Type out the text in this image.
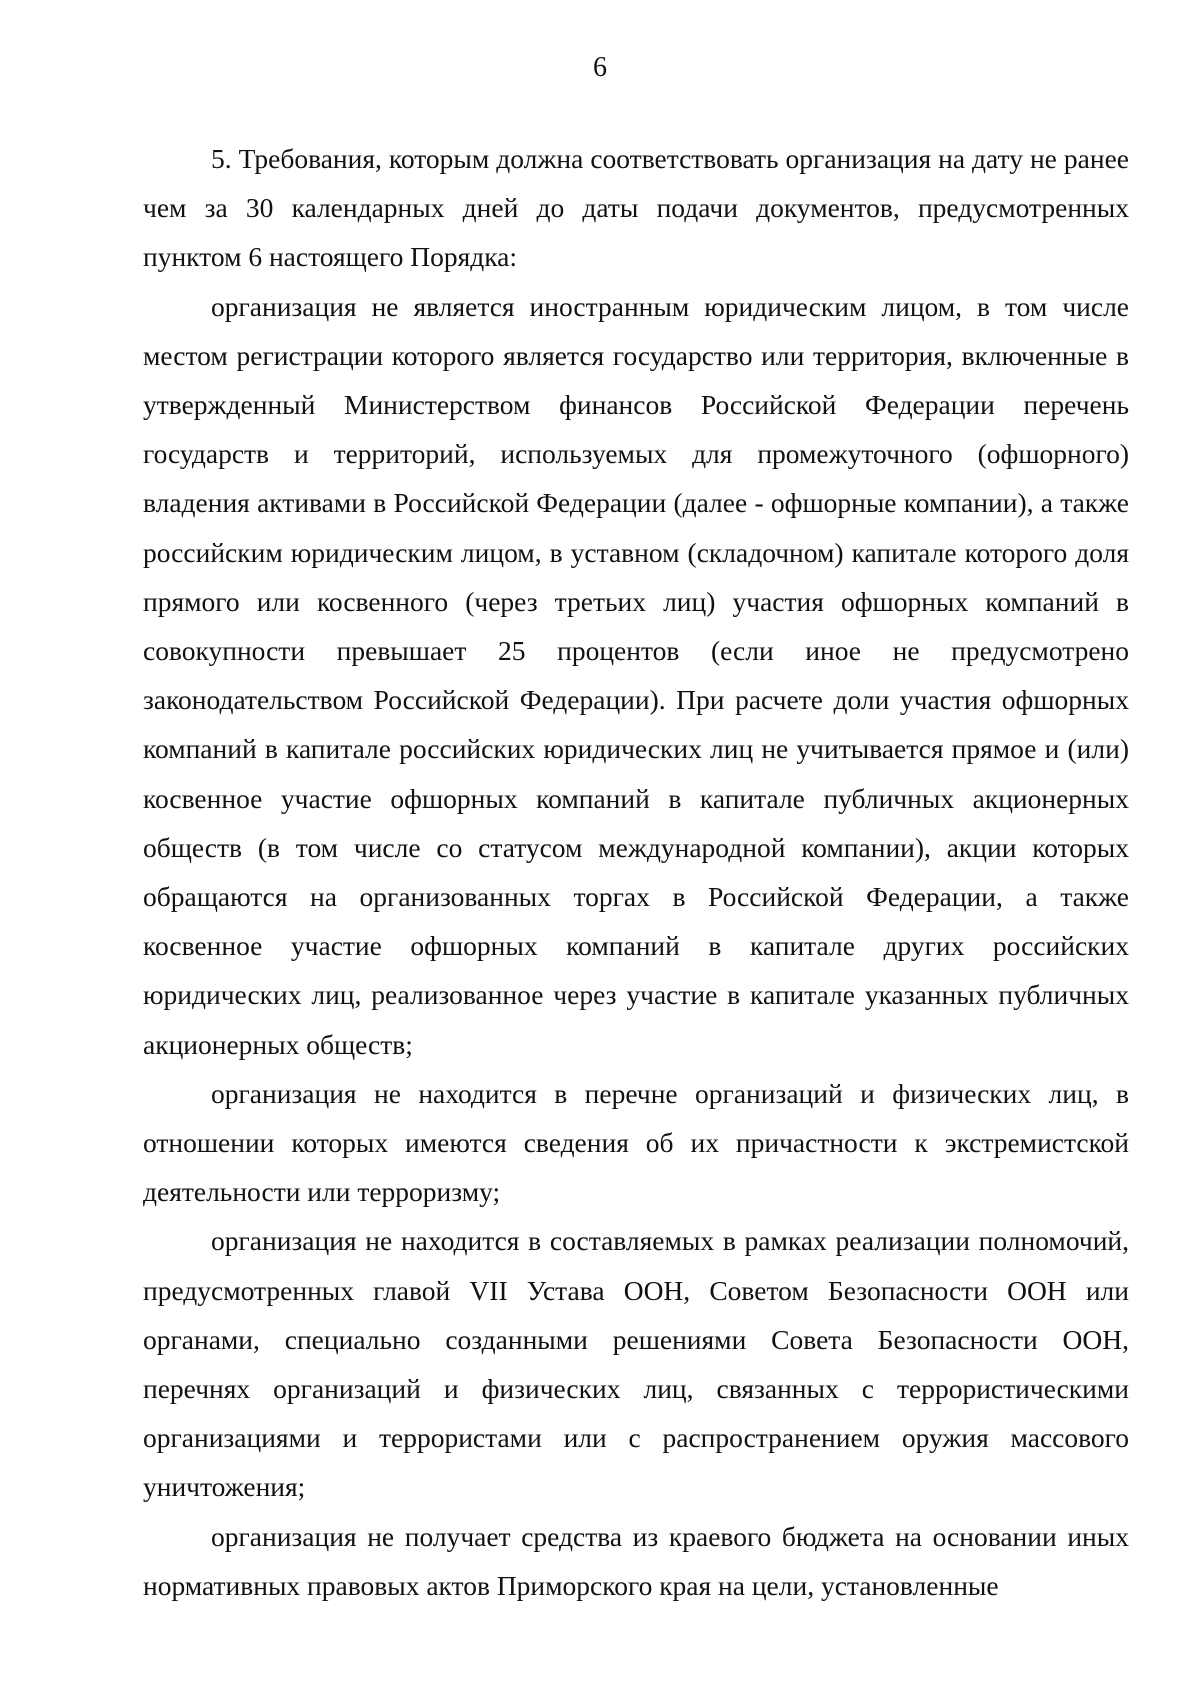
6

5. Требования, которым должна соответствовать организация на дату не ранее чем за 30 календарных дней до даты подачи документов, предусмотренных пунктом 6 настоящего Порядка:

организация не является иностранным юридическим лицом, в том числе местом регистрации которого является государство или территория, включенные в утвержденный Министерством финансов Российской Федерации перечень государств и территорий, используемых для промежуточного (офшорного) владения активами в Российской Федерации (далее - офшорные компании), а также российским юридическим лицом, в уставном (складочном) капитале которого доля прямого или косвенного (через третьих лиц) участия офшорных компаний в совокупности превышает 25 процентов (если иное не предусмотрено законодательством Российской Федерации). При расчете доли участия офшорных компаний в капитале российских юридических лиц не учитывается прямое и (или) косвенное участие офшорных компаний в капитале публичных акционерных обществ (в том числе со статусом международной компании), акции которых обращаются на организованных торгах в Российской Федерации, а также косвенное участие офшорных компаний в капитале других российских юридических лиц, реализованное через участие в капитале указанных публичных акционерных обществ;

организация не находится в перечне организаций и физических лиц, в отношении которых имеются сведения об их причастности к экстремистской деятельности или терроризму;

организация не находится в составляемых в рамках реализации полномочий, предусмотренных главой VII Устава ООН, Советом Безопасности ООН или органами, специально созданными решениями Совета Безопасности ООН, перечнях организаций и физических лиц, связанных с террористическими организациями и террористами или с распространением оружия массового уничтожения;

организация не получает средства из краевого бюджета на основании иных нормативных правовых актов Приморского края на цели, установленные
